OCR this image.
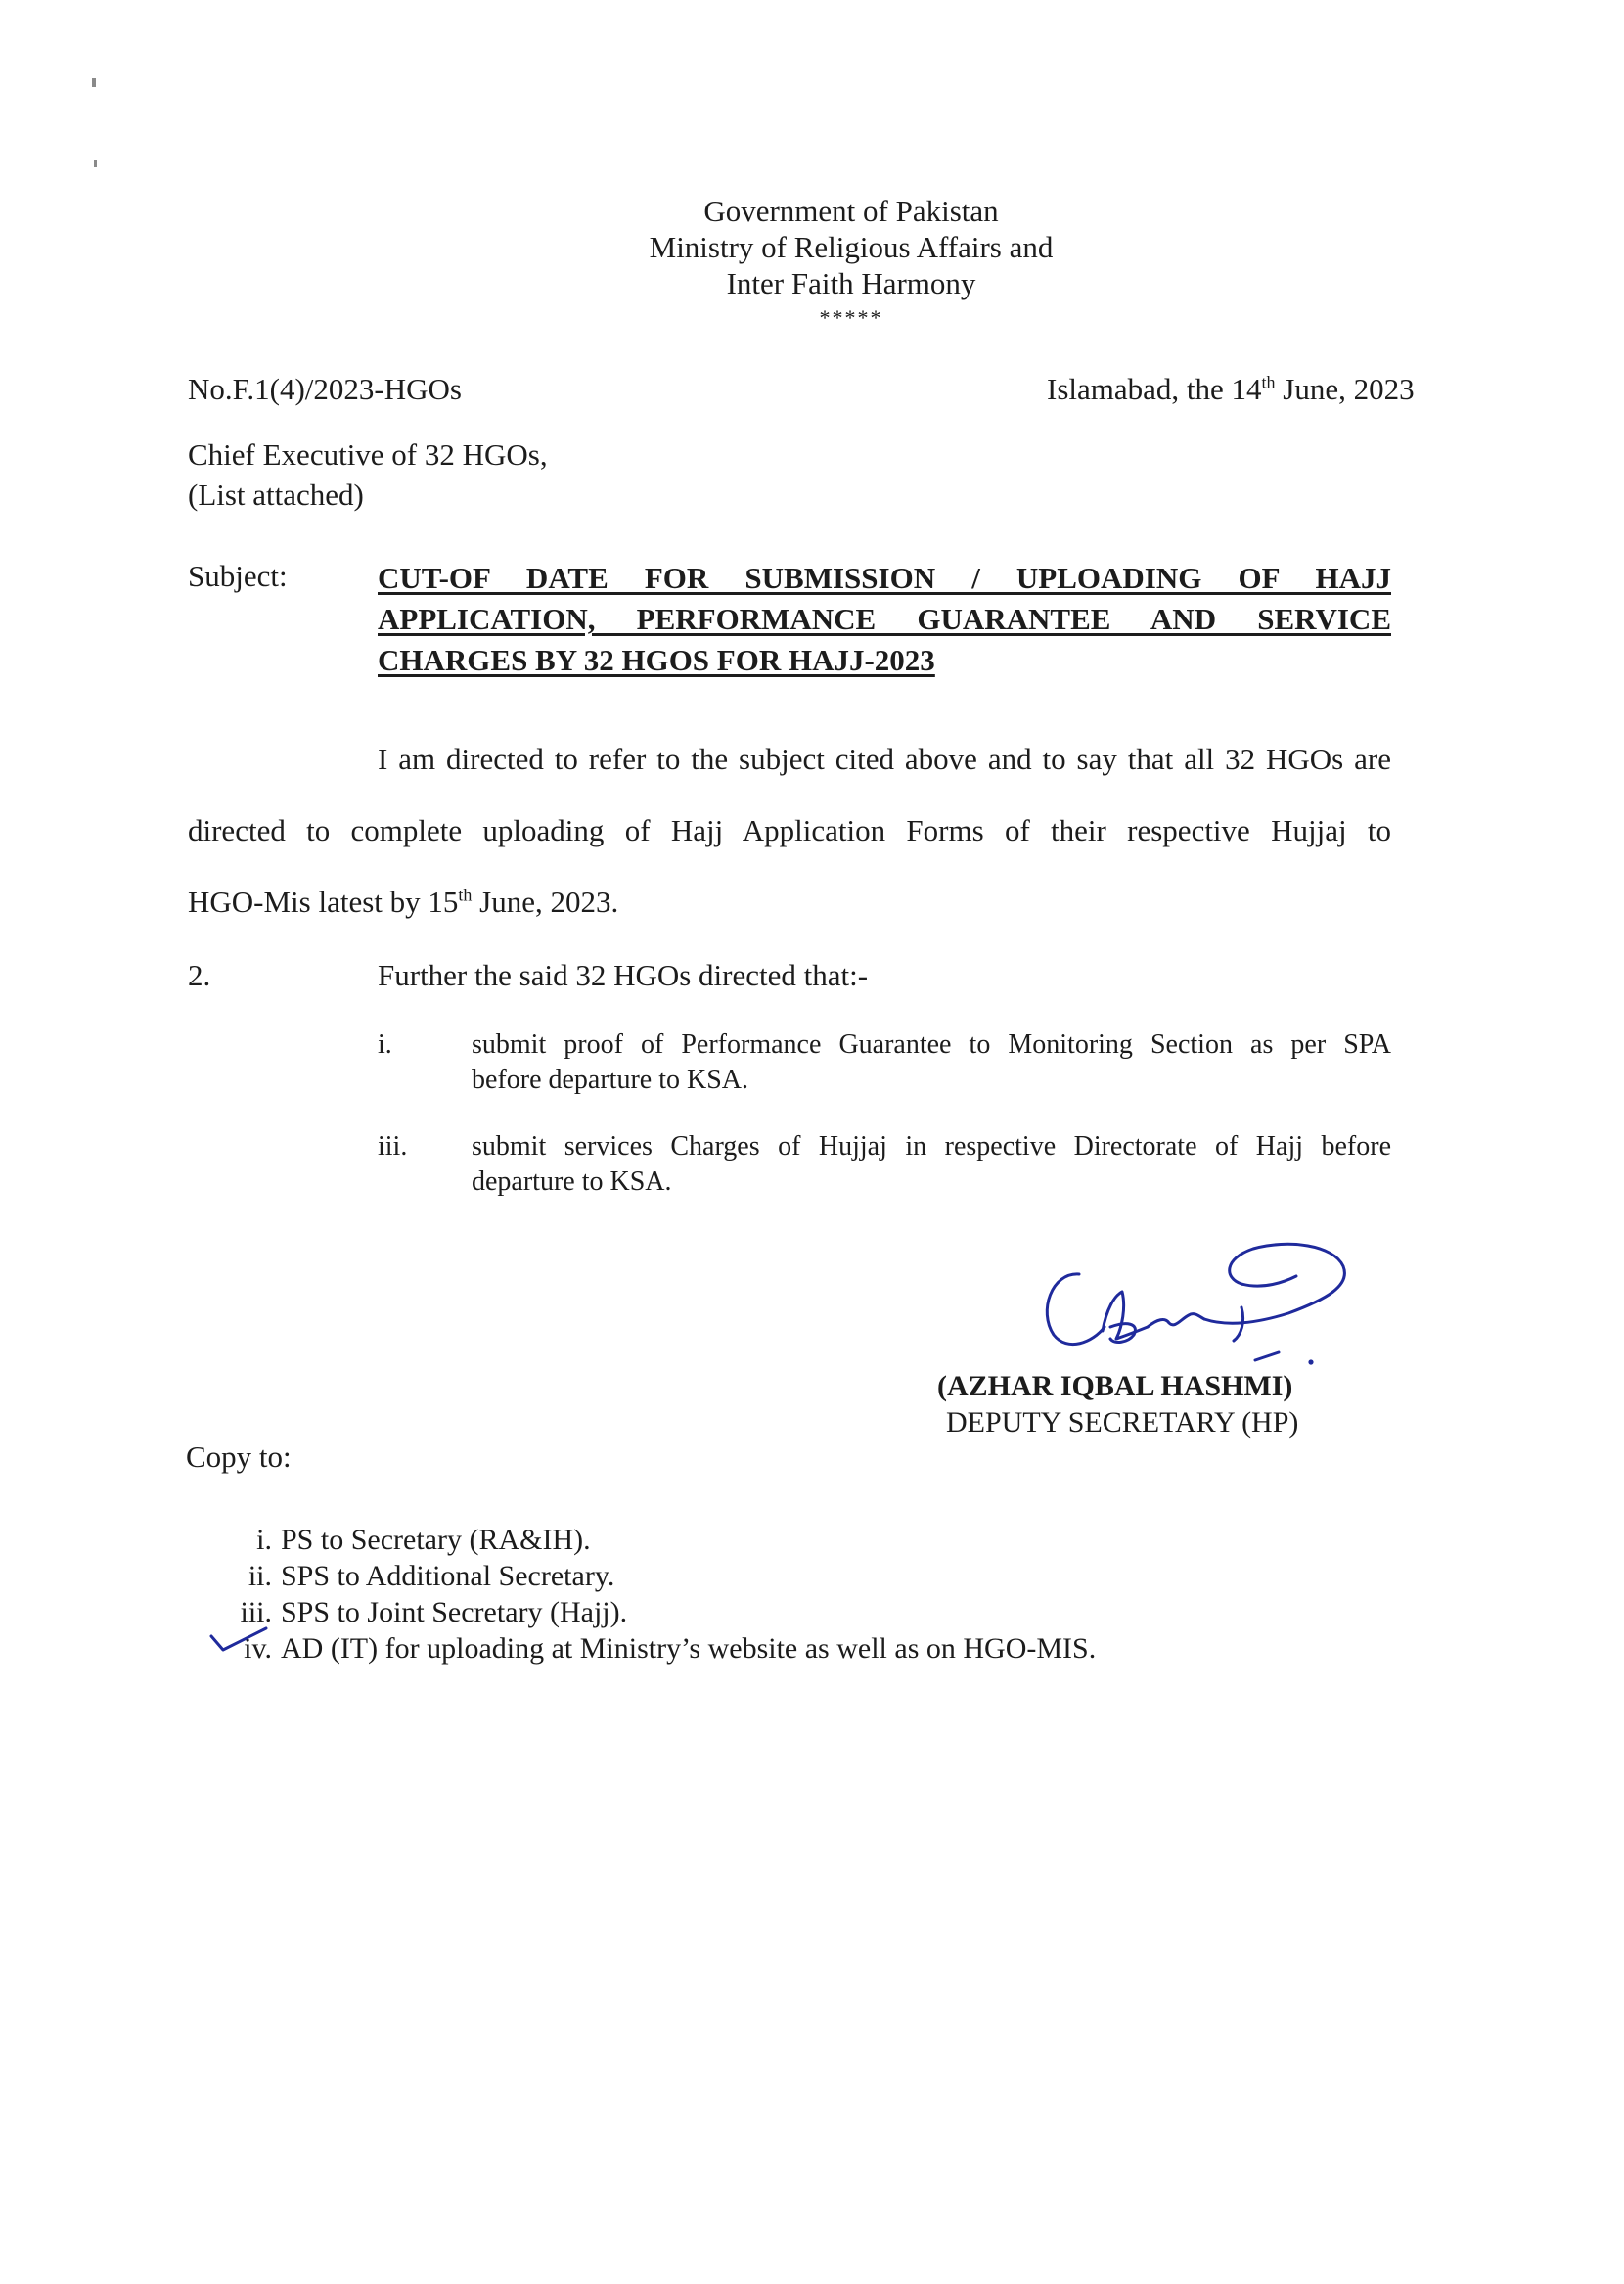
Government of Pakistan
Ministry of Religious Affairs and
Inter Faith Harmony
*****
No.F.1(4)/2023-HGOs	Islamabad, the 14th June, 2023
Chief Executive of 32 HGOs,
(List attached)
Subject:	CUT-OF DATE FOR SUBMISSION / UPLOADING OF HAJJ
APPLICATION, PERFORMANCE GUARANTEE AND SERVICE
CHARGES BY 32 HGOS FOR HAJJ-2023
I am directed to refer to the subject cited above and to say that all 32 HGOs are
directed to complete uploading of Hajj Application Forms of their respective Hujjaj to
HGO-Mis latest by 15th June, 2023.
2.	Further the said 32 HGOs directed that:-
i.	submit proof of Performance Guarantee to Monitoring Section as per SPA
before departure to KSA.
iii. submit services Charges of Hujjaj in respective Directorate of Hajj before
departure to KSA.
(AZHAR IQBAL HASHMI)
DEPUTY SECRETARY (HP)
Copy to:
i. PS to Secretary (RA&IH).
ii. SPS to Additional Secretary.
iii. SPS to Joint Secretary (Hajj).
iv. AD (IT) for uploading at Ministry’s website as well as on HGO-MIS.
